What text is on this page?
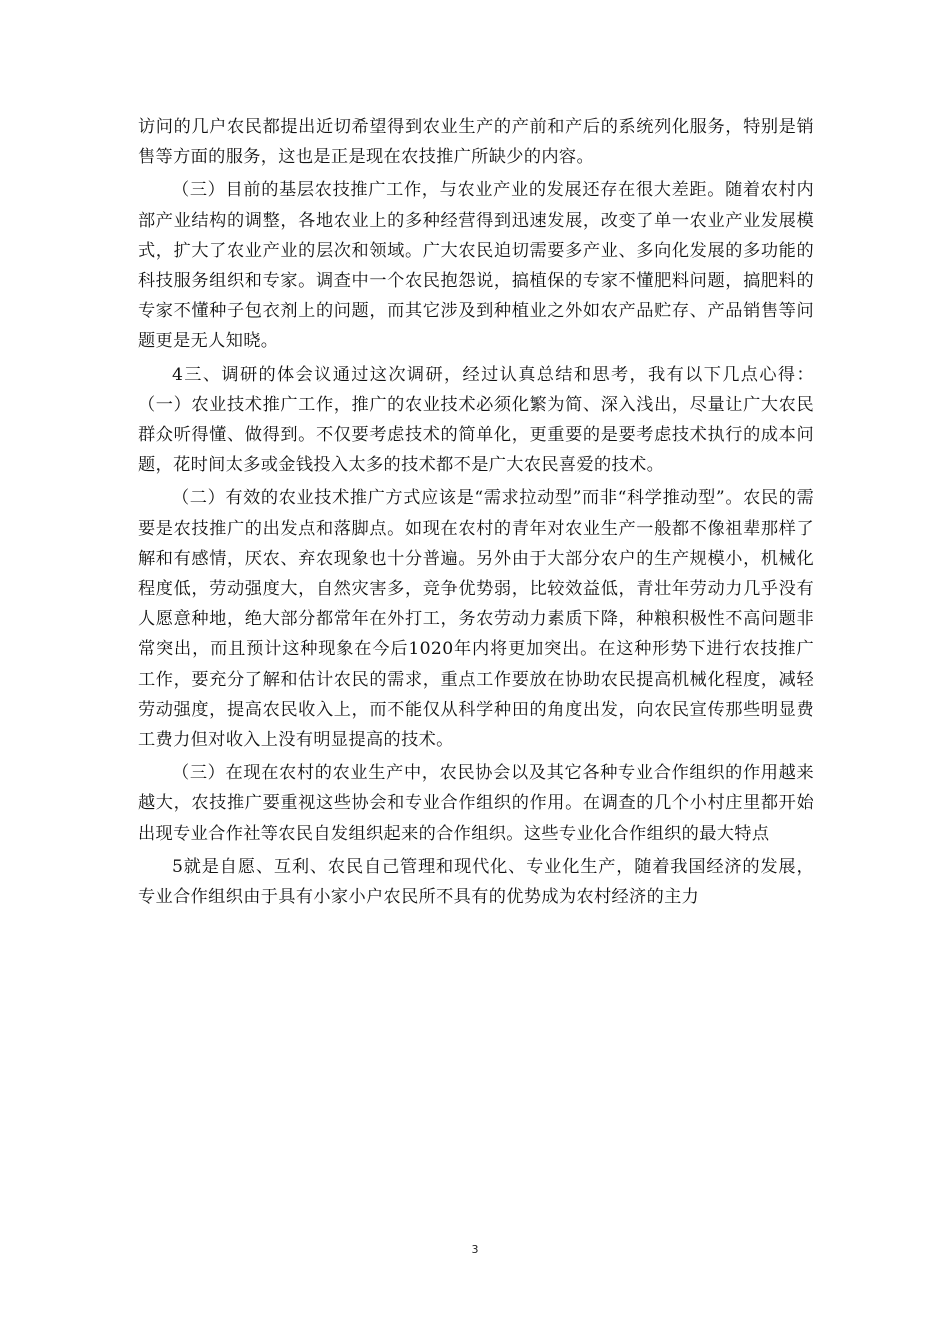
访问的几户农民都提出近切希望得到农业生产的产前和产后的系统列化服务，特别是销售等方面的服务，这也是正是现在农技推广所缺少的内容。

（三）目前的基层农技推广工作，与农业产业的发展还存在很大差距。随着农村内部产业结构的调整，各地农业上的多种经营得到迅速发展，改变了单一农业产业发展模式，扩大了农业产业的层次和领域。广大农民迫切需要多产业、多向化发展的多功能的科技服务组织和专家。调查中一个农民抱怨说，搞植保的专家不懂肥料问题，搞肥料的专家不懂种子包衣剂上的问题，而其它涉及到种植业之外如农产品贮存、产品销售等问题更是无人知晓。

4三、调研的体会议通过这次调研，经过认真总结和思考，我有以下几点心得：（一）农业技术推广工作，推广的农业技术必须化繁为简、深入浅出，尽量让广大农民群众听得懂、做得到。不仅要考虑技术的简单化，更重要的是要考虑技术执行的成本问题，花时间太多或金钱投入太多的技术都不是广大农民喜爱的技术。

（二）有效的农业技术推广方式应该是“需求拉动型”而非“科学推动型”。农民的需要是农技推广的出发点和落脚点。如现在农村的青年对农业生产一般都不像祖辈那样了解和有感情，厌农、弃农现象也十分普遍。另外由于大部分农户的生产规模小，机械化程度低，劳动强度大，自然灾害多，竞争优势弱，比较效益低，青壮年劳动力几乎没有人愿意种地，绝大部分都常年在外打工，务农劳动力素质下降，种粮积极性不高问题非常突出，而且预计这种现象在今后1020年内将更加突出。在这种形势下进行农技推广工作，要充分了解和估计农民的需求，重点工作要放在协助农民提高机械化程度，减轻劳动强度，提高农民收入上，而不能仅从科学种田的角度出发，向农民宣传那些明显费工费力但对收入上没有明显提高的技术。

（三）在现在农村的农业生产中，农民协会以及其它各种专业合作组织的作用越来越大，农技推广要重视这些协会和专业合作组织的作用。在调查的几个小村庄里都开始出现专业合作社等农民自发组织起来的合作组织。这些专业化合作组织的最大特点

5就是自愿、互利、农民自己管理和现代化、专业化生产，随着我国经济的发展，专业合作组织由于具有小家小户农民所不具有的优势成为农村经济的主力

3
